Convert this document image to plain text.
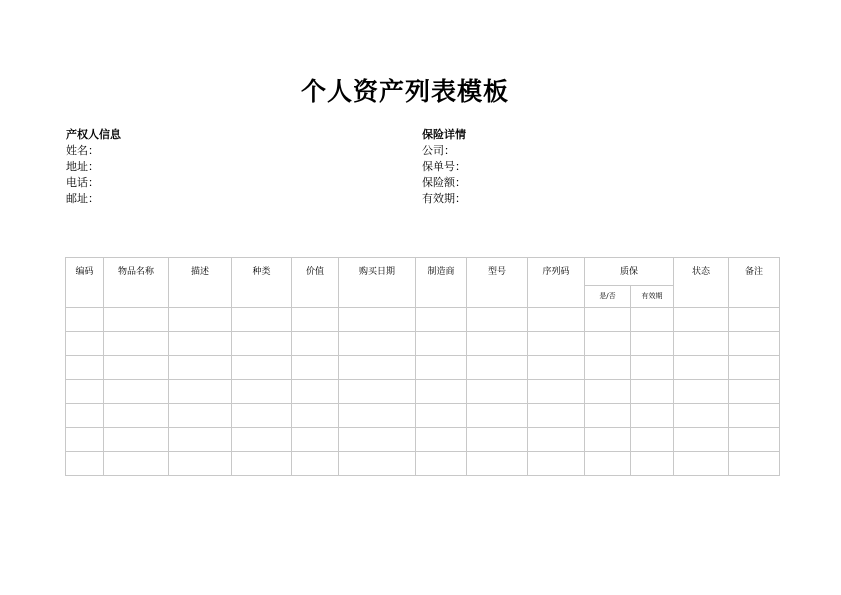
个人资产列表模板
产权人信息
姓名：
地址：
电话：
邮址：
保险详情
公司：
保单号：
保险额：
有效期：
编码	物品名称	描述	种类	价值	购买日期	制造商	型号	序列码	质保		状态	备注
									是/否	有效期		
